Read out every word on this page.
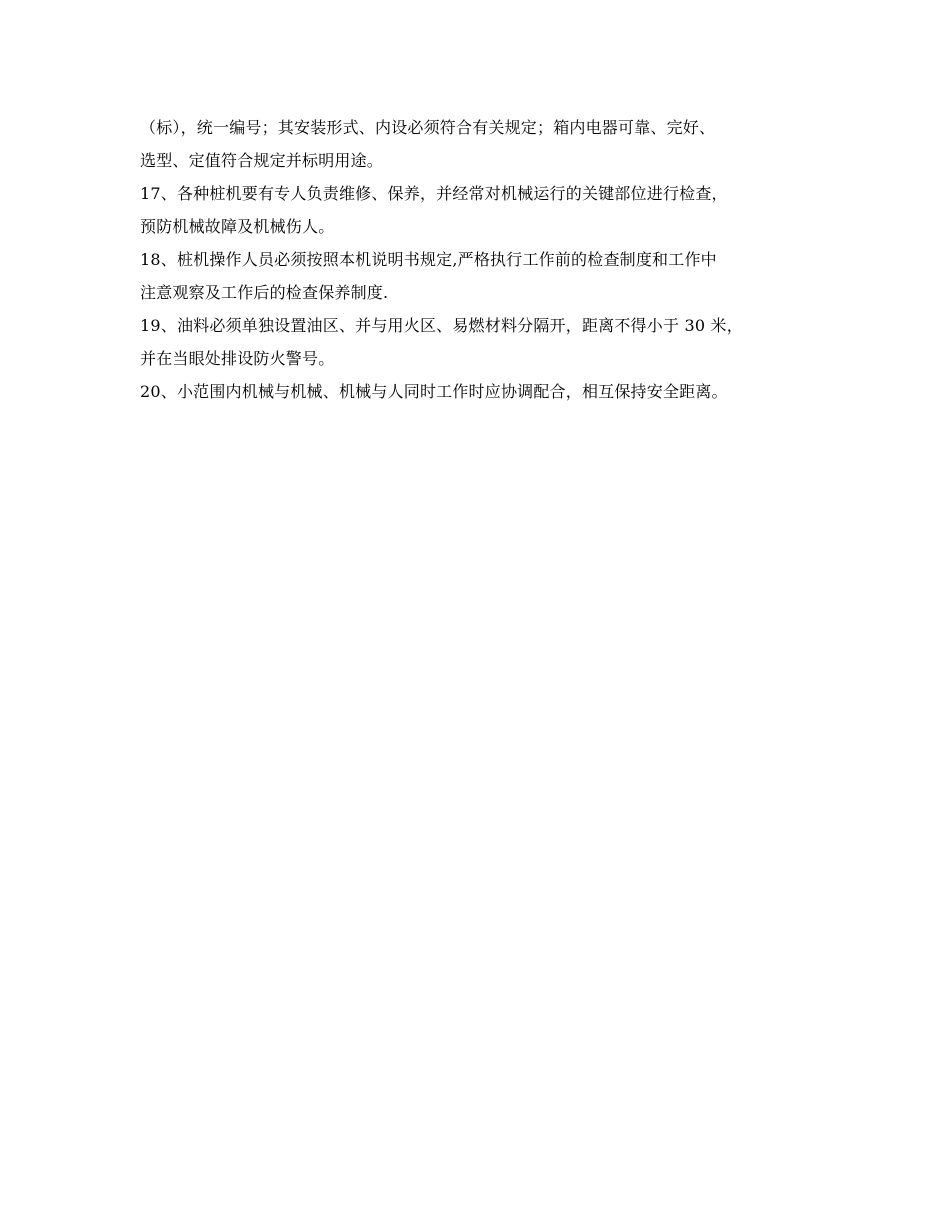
（标），统一编号；其安装形式、内设必须符合有关规定；箱内电器可靠、完好、
选型、定值符合规定并标明用途。
17、各种桩机要有专人负责维修、保养，并经常对机械运行的关键部位进行检查，
预防机械故障及机械伤人。
18、桩机操作人员必须按照本机说明书规定,严格执行工作前的检查制度和工作中
注意观察及工作后的检查保养制度.
19、油料必须单独设置油区、并与用火区、易燃材料分隔开，距离不得小于 30 米，
并在当眼处排设防火警号。
20、小范围内机械与机械、机械与人同时工作时应协调配合，相互保持安全距离。
